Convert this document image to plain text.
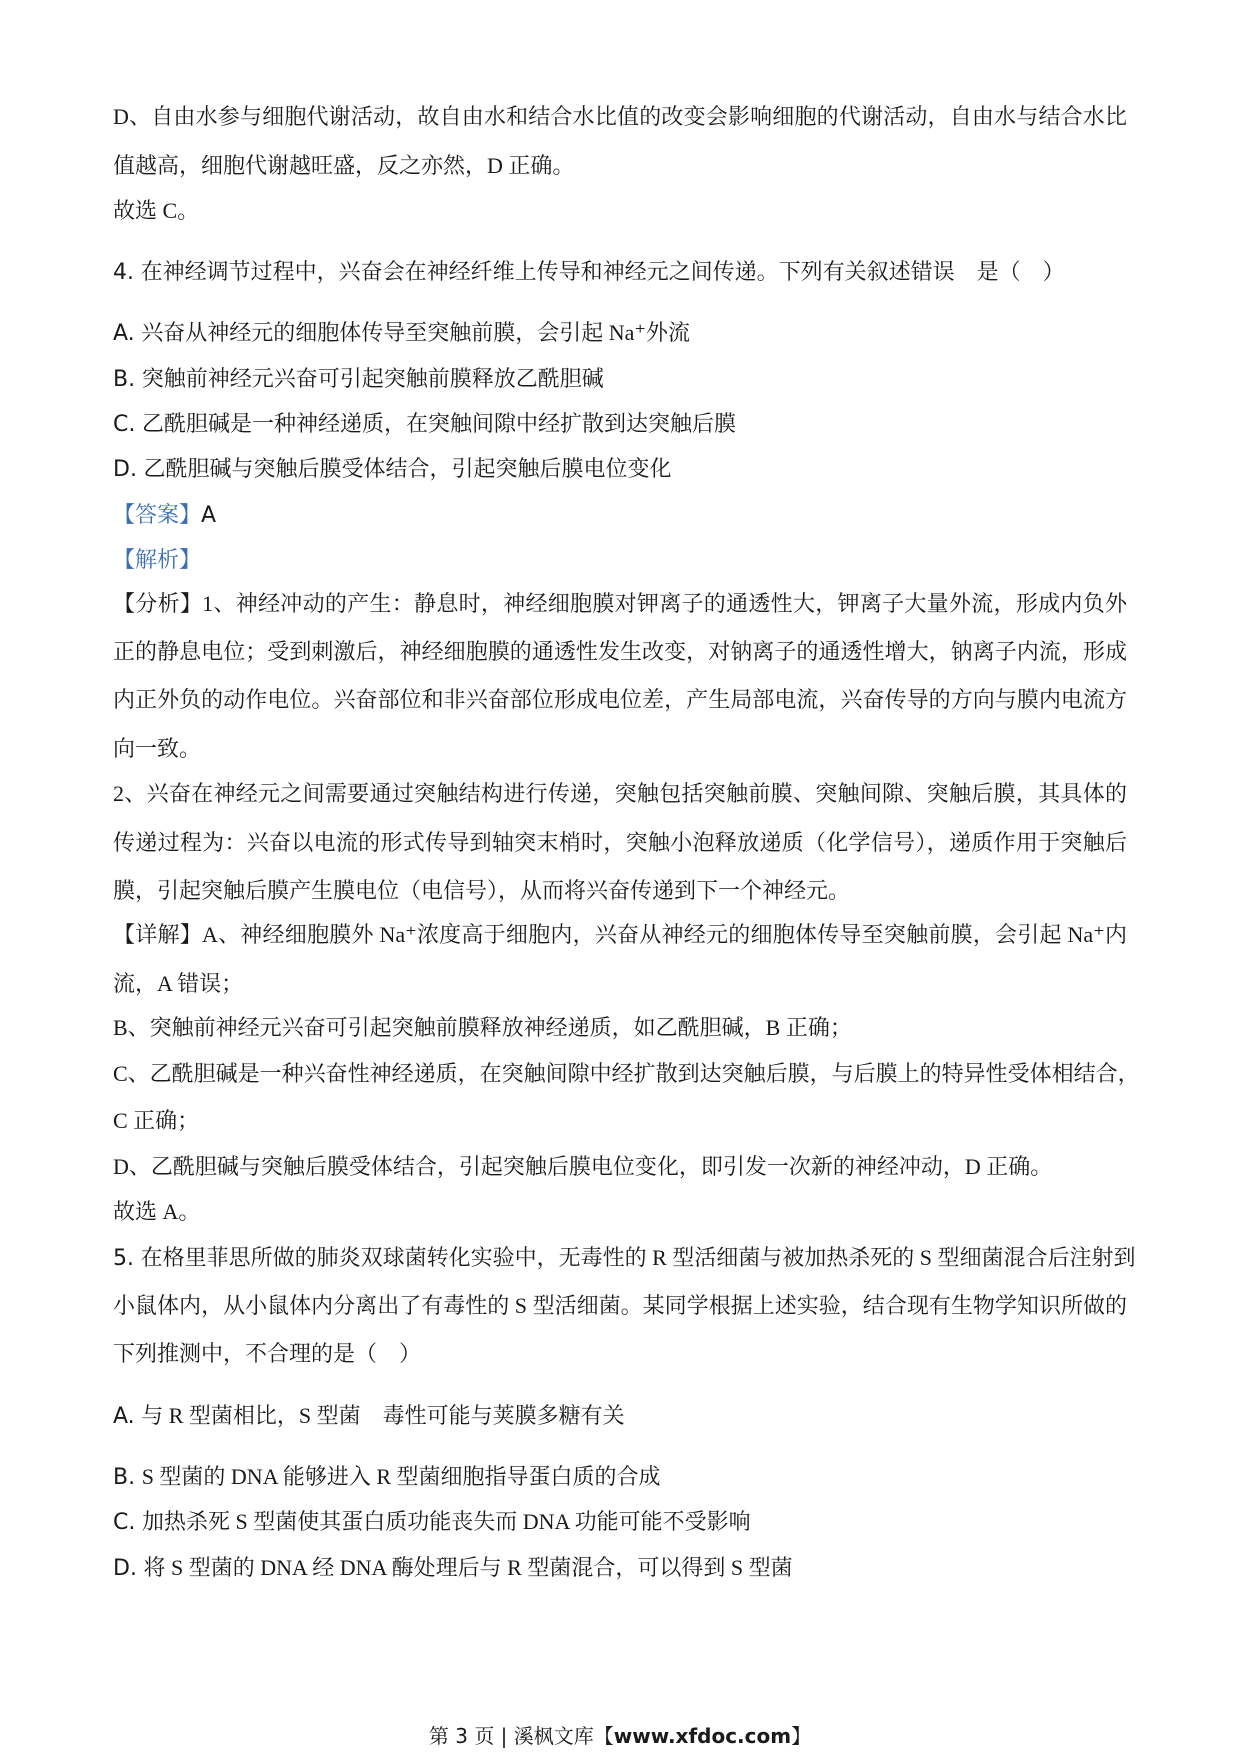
D、自由水参与细胞代谢活动，故自由水和结合水比值的改变会影响细胞的代谢活动，自由水与结合水比
值越高，细胞代谢越旺盛，反之亦然，D 正确。
故选 C。
4. 在神经调节过程中，兴奋会在神经纤维上传导和神经元之间传递。下列有关叙述错误　是（　）
A. 兴奋从神经元的细胞体传导至突触前膜，会引起 Na⁺外流
B. 突触前神经元兴奋可引起突触前膜释放乙酰胆碱
C. 乙酰胆碱是一种神经递质，在突触间隙中经扩散到达突触后膜
D. 乙酰胆碱与突触后膜受体结合，引起突触后膜电位变化
【答案】A
【解析】
【分析】1、神经冲动的产生：静息时，神经细胞膜对钾离子的通透性大，钾离子大量外流，形成内负外
正的静息电位；受到刺激后，神经细胞膜的通透性发生改变，对钠离子的通透性增大，钠离子内流，形成
内正外负的动作电位。兴奋部位和非兴奋部位形成电位差，产生局部电流，兴奋传导的方向与膜内电流方
向一致。
2、兴奋在神经元之间需要通过突触结构进行传递，突触包括突触前膜、突触间隙、突触后膜，其具体的
传递过程为：兴奋以电流的形式传导到轴突末梢时，突触小泡释放递质（化学信号），递质作用于突触后
膜，引起突触后膜产生膜电位（电信号），从而将兴奋传递到下一个神经元。
【详解】A、神经细胞膜外 Na⁺浓度高于细胞内，兴奋从神经元的细胞体传导至突触前膜，会引起 Na⁺内
流，A 错误；
B、突触前神经元兴奋可引起突触前膜释放神经递质，如乙酰胆碱，B 正确；
C、乙酰胆碱是一种兴奋性神经递质，在突触间隙中经扩散到达突触后膜，与后膜上的特异性受体相结合，
C 正确；
D、乙酰胆碱与突触后膜受体结合，引起突触后膜电位变化，即引发一次新的神经冲动，D 正确。
故选 A。
5. 在格里菲思所做的肺炎双球菌转化实验中，无毒性的 R 型活细菌与被加热杀死的 S 型细菌混合后注射到
小鼠体内，从小鼠体内分离出了有毒性的 S 型活细菌。某同学根据上述实验，结合现有生物学知识所做的
下列推测中，不合理的是（　）
A. 与 R 型菌相比，S 型菌　毒性可能与荚膜多糖有关
B. S 型菌的 DNA 能够进入 R 型菌细胞指导蛋白质的合成
C. 加热杀死 S 型菌使其蛋白质功能丧失而 DNA 功能可能不受影响
D. 将 S 型菌的 DNA 经 DNA 酶处理后与 R 型菌混合，可以得到 S 型菌
第 3 页 | 溪枫文库【www.xfdoc.com】
